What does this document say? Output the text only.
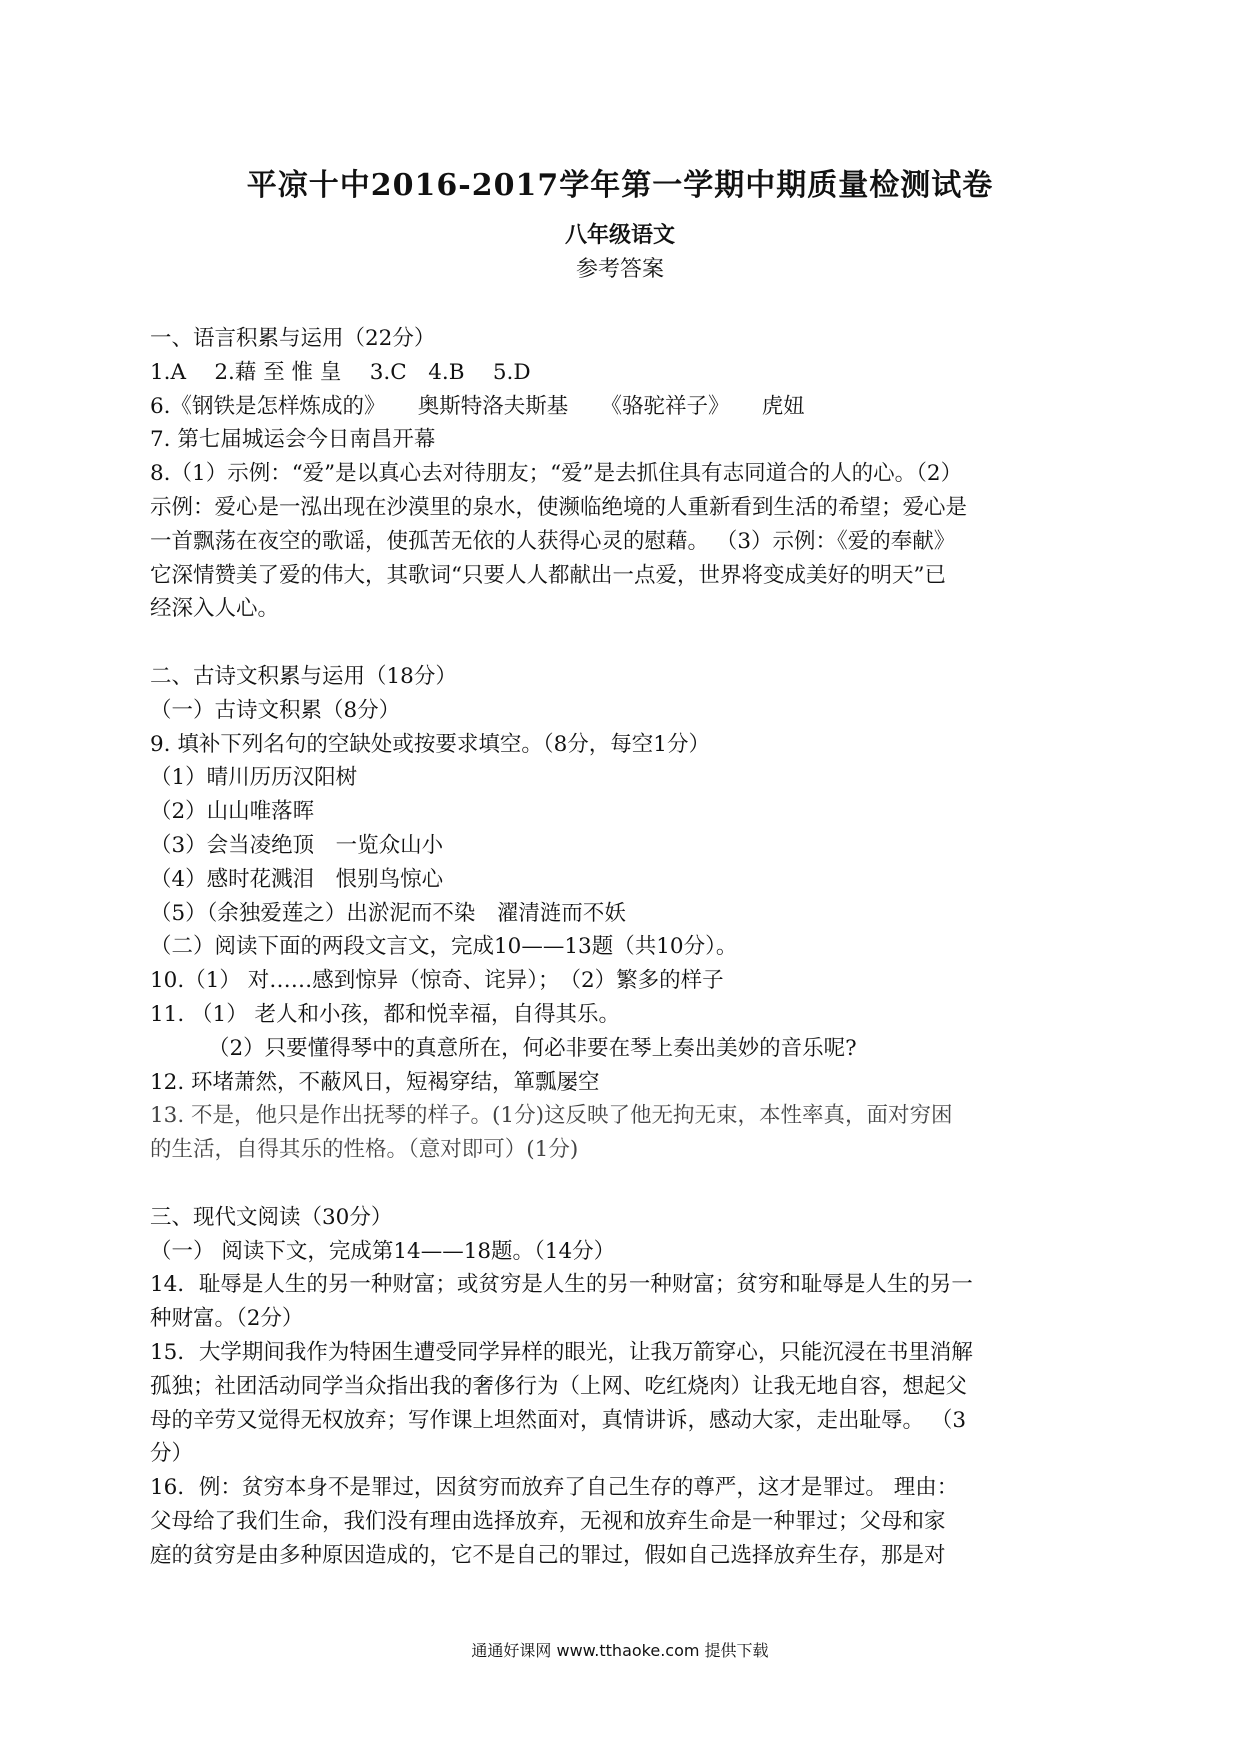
平凉十中2016-2017学年第一学期中期质量检测试卷
八年级语文
参考答案
一、语言积累与运用（22分）
1.A　 2.藉 至 惟 皇　 3.C　4.B　 5.D
6.《钢铁是怎样炼成的》　　奥斯特洛夫斯基　　《骆驼祥子》　　虎妞
7. 第七届城运会今日南昌开幕
8.（1）示例：“爱”是以真心去对待朋友；“爱”是去抓住具有志同道合的人的心。（2）
示例：爱心是一泓出现在沙漠里的泉水，使濒临绝境的人重新看到生活的希望；爱心是
一首飘荡在夜空的歌谣，使孤苦无依的人获得心灵的慰藉。 （3）示例：《爱的奉献》
它深情赞美了爱的伟大，其歌词“只要人人都献出一点爱，世界将变成美好的明天”已
经深入人心。
二、古诗文积累与运用（18分）
（一）古诗文积累（8分）
9. 填补下列名句的空缺处或按要求填空。（8分，每空1分）
（1）晴川历历汉阳树
（2）山山唯落晖
（3）会当凌绝顶　一览众山小
（4）感时花溅泪　恨别鸟惊心
（5）（余独爱莲之）出淤泥而不染　濯清涟而不妖
（二）阅读下面的两段文言文，完成10——13题（共10分）。
10.（1） 对……感到惊异（惊奇、诧异）；　（2）繁多的样子
11. （1） 老人和小孩，都和悦幸福，自得其乐。
（2）只要懂得琴中的真意所在，何必非要在琴上奏出美妙的音乐呢?
12. 环堵萧然，不蔽风日，短褐穿结，箪瓢屡空
13. 不是，他只是作出抚琴的样子。(1分)这反映了他无拘无束，本性率真，面对穷困
的生活，自得其乐的性格。（意对即可）(1分)
三、现代文阅读（30分）
（一） 阅读下文，完成第14——18题。（14分）
14．耻辱是人生的另一种财富；或贫穷是人生的另一种财富；贫穷和耻辱是人生的另一
种财富。（2分）
15．大学期间我作为特困生遭受同学异样的眼光，让我万箭穿心，只能沉浸在书里消解
孤独；社团活动同学当众指出我的奢侈行为（上网、吃红烧肉）让我无地自容，想起父
母的辛劳又觉得无权放弃；写作课上坦然面对，真情讲诉，感动大家，走出耻辱。 （3
分）
16．例：贫穷本身不是罪过，因贫穷而放弃了自己生存的尊严，这才是罪过。 理由：
父母给了我们生命，我们没有理由选择放弃，无视和放弃生命是一种罪过；父母和家
庭的贫穷是由多种原因造成的，它不是自己的罪过，假如自己选择放弃生存，那是对
通通好课网 www.tthaoke.com 提供下载
